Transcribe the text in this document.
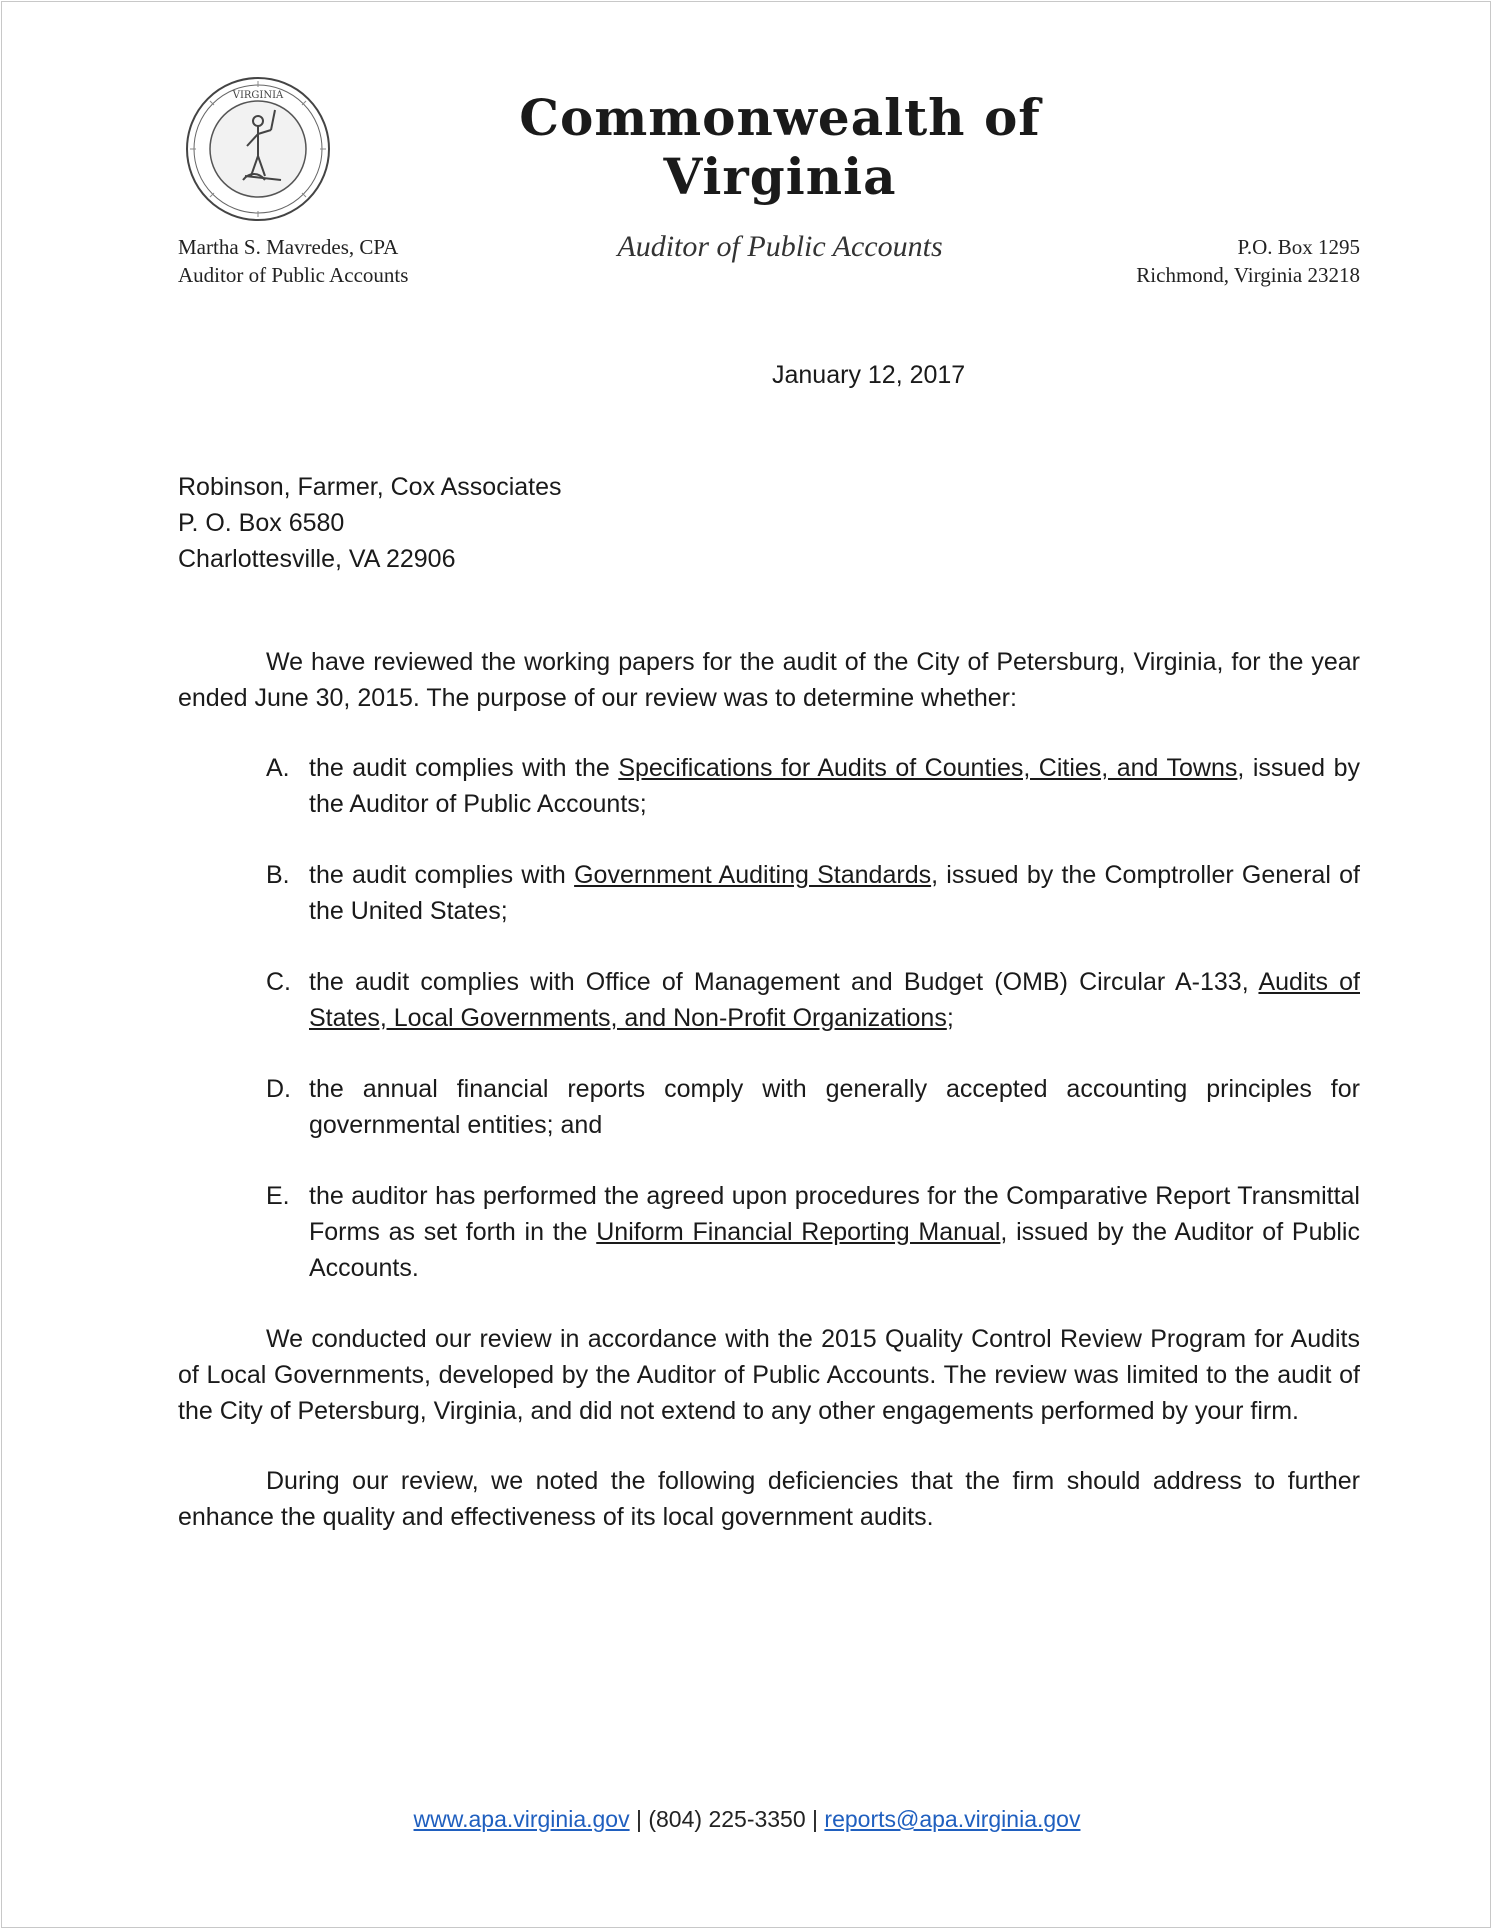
VIRGINIA	Commonwealth of Virginia
Auditor of Public Accounts
Martha S. Mavredes, CPA
Auditor of Public Accounts
P.O. Box 1295
Richmond, Virginia 23218
January 12, 2017
Robinson, Farmer, Cox Associates
P. O. Box 6580
Charlottesville, VA 22906

We have reviewed the working papers for the audit of the City of Petersburg, Virginia, for the year ended June 30, 2015. The purpose of our review was to determine whether:

A. the audit complies with the Specifications for Audits of Counties, Cities, and Towns, issued by the Auditor of Public Accounts;
B. the audit complies with Government Auditing Standards, issued by the Comptroller General of the United States;
C. the audit complies with Office of Management and Budget (OMB) Circular A-133, Audits of States, Local Governments, and Non-Profit Organizations;
D. the annual financial reports comply with generally accepted accounting principles for governmental entities; and
E. the auditor has performed the agreed upon procedures for the Comparative Report Transmittal Forms as set forth in the Uniform Financial Reporting Manual, issued by the Auditor of Public Accounts.

We conducted our review in accordance with the 2015 Quality Control Review Program for Audits of Local Governments, developed by the Auditor of Public Accounts. The review was limited to the audit of the City of Petersburg, Virginia, and did not extend to any other engagements performed by your firm.

During our review, we noted the following deficiencies that the firm should address to further enhance the quality and effectiveness of its local government audits.

www.apa.virginia.gov | (804) 225-3350 | reports@apa.virginia.gov
